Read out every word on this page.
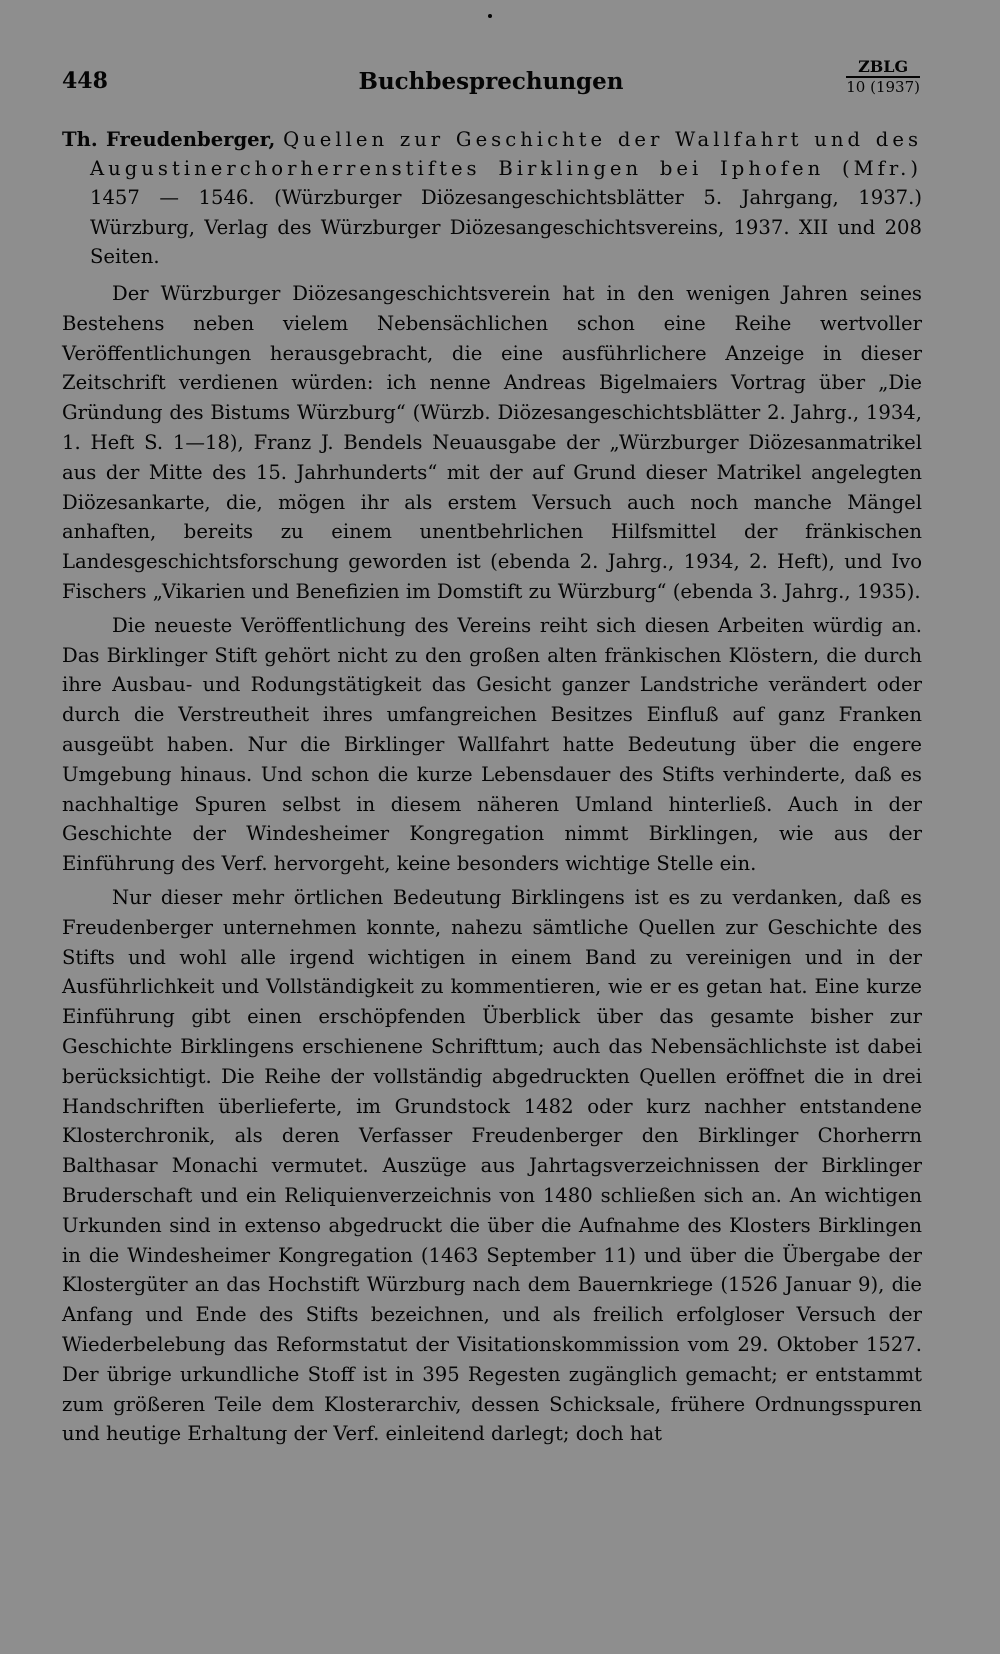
448	Buchbesprechungen
ZBLG
10 (1937)

Th. Freudenberger, Quellen zur Geschichte der Wallfahrt und des Augustinerchorherrenstiftes Birklingen bei Iphofen (Mfr.) 1457 — 1546. (Würzburger Diözesangeschichtsblätter 5. Jahrgang, 1937.) Würzburg, Verlag des Würzburger Diözesangeschichtsvereins, 1937. XII und 208 Seiten.

Der Würzburger Diözesangeschichtsverein hat in den wenigen Jahren seines Bestehens neben vielem Nebensächlichen schon eine Reihe wertvoller Veröffentlichungen herausgebracht, die eine ausführlichere Anzeige in dieser Zeitschrift verdienen würden: ich nenne Andreas Bigelmaiers Vortrag über „Die Gründung des Bistums Würzburg“ (Würzb. Diözesangeschichtsblätter 2. Jahrg., 1934, 1. Heft S. 1—18), Franz J. Bendels Neuausgabe der „Würzburger Diözesanmatrikel aus der Mitte des 15. Jahrhunderts“ mit der auf Grund dieser Matrikel angelegten Diözesankarte, die, mögen ihr als erstem Versuch auch noch manche Mängel anhaften, bereits zu einem unentbehrlichen Hilfsmittel der fränkischen Landesgeschichtsforschung geworden ist (ebenda 2. Jahrg., 1934, 2. Heft), und Ivo Fischers „Vikarien und Benefizien im Domstift zu Würzburg“ (ebenda 3. Jahrg., 1935).

Die neueste Veröffentlichung des Vereins reiht sich diesen Arbeiten würdig an. Das Birklinger Stift gehört nicht zu den großen alten fränkischen Klöstern, die durch ihre Ausbau- und Rodungstätigkeit das Gesicht ganzer Landstriche verändert oder durch die Verstreutheit ihres umfangreichen Besitzes Einfluß auf ganz Franken ausgeübt haben. Nur die Birklinger Wallfahrt hatte Bedeutung über die engere Umgebung hinaus. Und schon die kurze Lebensdauer des Stifts verhinderte, daß es nachhaltige Spuren selbst in diesem näheren Umland hinterließ. Auch in der Geschichte der Windesheimer Kongregation nimmt Birklingen, wie aus der Einführung des Verf. hervorgeht, keine besonders wichtige Stelle ein.

Nur dieser mehr örtlichen Bedeutung Birklingens ist es zu verdanken, daß es Freudenberger unternehmen konnte, nahezu sämtliche Quellen zur Geschichte des Stifts und wohl alle irgend wichtigen in einem Band zu vereinigen und in der Ausführlichkeit und Vollständigkeit zu kommentieren, wie er es getan hat. Eine kurze Einführung gibt einen erschöpfenden Überblick über das gesamte bisher zur Geschichte Birklingens erschienene Schrifttum; auch das Nebensächlichste ist dabei berücksichtigt. Die Reihe der vollständig abgedruckten Quellen eröffnet die in drei Handschriften überlieferte, im Grundstock 1482 oder kurz nachher entstandene Klosterchronik, als deren Verfasser Freudenberger den Birklinger Chorherrn Balthasar Monachi vermutet. Auszüge aus Jahrtagsverzeichnissen der Birklinger Bruderschaft und ein Reliquienverzeichnis von 1480 schließen sich an. An wichtigen Urkunden sind in extenso abgedruckt die über die Aufnahme des Klosters Birklingen in die Windesheimer Kongregation (1463 September 11) und über die Übergabe der Klostergüter an das Hochstift Würzburg nach dem Bauernkriege (1526 Januar 9), die Anfang und Ende des Stifts bezeichnen, und als freilich erfolgloser Versuch der Wiederbelebung das Reformstatut der Visitationskommission vom 29. Oktober 1527. Der übrige urkundliche Stoff ist in 395 Regesten zugänglich gemacht; er entstammt zum größeren Teile dem Klosterarchiv, dessen Schicksale, frühere Ordnungsspuren und heutige Erhaltung der Verf. einleitend darlegt; doch hat
